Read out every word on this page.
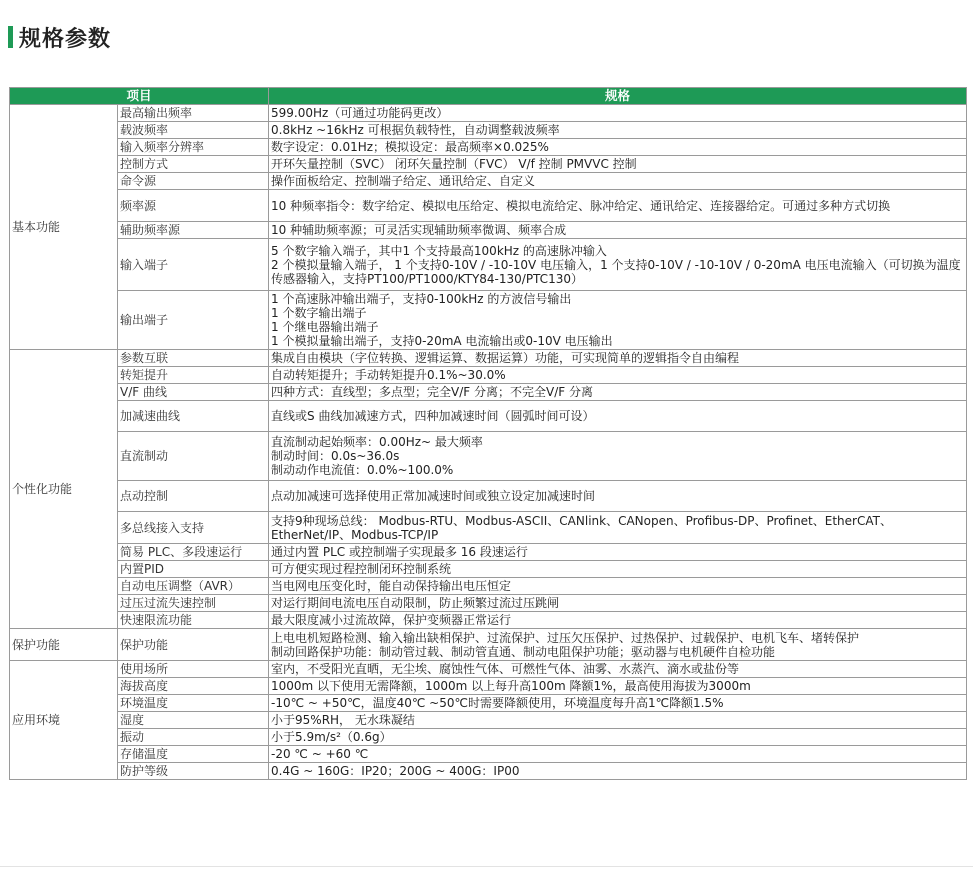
规格参数
项目		规格
基本功能	最高输出频率	599.00Hz（可通过功能码更改）

	载波频率	0.8kHz ~16kHz 可根据负载特性，自动调整载波频率

	输入频率分辨率	数字设定：0.01Hz；模拟设定：最高频率×0.025%

	控制方式	开环矢量控制（SVC） 闭环矢量控制（FVC） V/f 控制 PMVVC 控制

	命令源	操作面板给定、控制端子给定、通讯给定、自定义

	频率源	10 种频率指令：数字给定、模拟电压给定、模拟电流给定、脉冲给定、通讯给定、连接器给定。可通过多种方式切换

	辅助频率源	10 种辅助频率源；可灵活实现辅助频率微调、频率合成

	输入端子	5 个数字输入端子，其中1 个支持最高100kHz 的高速脉冲输入
2 个模拟量输入端子， 1 个支持0-10V / -10-10V 电压输入，1 个支持0-10V / -10-10V / 0-20mA 电压电流输入（可切换为温度传感器输入，支持PT100/PT1000/KTY84-130/PTC130）

	输出端子	1 个高速脉冲输出端子，支持0-100kHz 的方波信号输出
1 个数字输出端子
1 个继电器输出端子
1 个模拟量输出端子，支持0-20mA 电流输出或0-10V 电压输出

个性化功能	参数互联	集成自由模块（字位转换、逻辑运算、数据运算）功能，可实现简单的逻辑指令自由编程

	转矩提升	自动转矩提升；手动转矩提升0.1%~30.0%

	V/F 曲线	四种方式：直线型；多点型；完全V/F 分离；不完全V/F 分离

	加减速曲线	直线或S 曲线加减速方式，四种加减速时间（圆弧时间可设）

	直流制动	直流制动起始频率：0.00Hz~ 最大频率
制动时间：0.0s~36.0s
制动动作电流值：0.0%~100.0%

	点动控制	点动加减速可选择使用正常加减速时间或独立设定加减速时间

	多总线接入支持	支持9种现场总线： Modbus-RTU、Modbus-ASCII、CANlink、CANopen、Profibus-DP、Profinet、EtherCAT、EtherNet/IP、Modbus-TCP/IP

	简易 PLC、多段速运行	通过内置 PLC 或控制端子实现最多 16 段速运行

	内置PID	可方便实现过程控制闭环控制系统

	自动电压调整（AVR）	当电网电压变化时，能自动保持输出电压恒定

	过压过流失速控制	对运行期间电流电压自动限制，防止频繁过流过压跳闸

	快速限流功能	最大限度减小过流故障，保护变频器正常运行

保护功能	保护功能	上电电机短路检测、输入输出缺相保护、过流保护、过压欠压保护、过热保护、过载保护、电机飞车、堵转保护
制动回路保护功能：制动管过载、制动管直通、制动电阻保护功能；驱动器与电机硬件自检功能

应用环境	使用场所	室内，不受阳光直晒，无尘埃、腐蚀性气体、可燃性气体、油雾、水蒸汽、滴水或盐份等

	海拔高度	1000m 以下使用无需降额，1000m 以上每升高100m 降额1%，最高使用海拔为3000m

	环境温度	-10℃ ~ +50℃，温度40℃ ~50℃时需要降额使用，环境温度每升高1℃降额1.5%

	湿度	小于95%RH， 无水珠凝结

	振动	小于5.9m/s²（0.6g）

	存储温度	-20 ℃ ~ +60 ℃

	防护等级	0.4G ~ 160G：IP20；200G ~ 400G：IP00
